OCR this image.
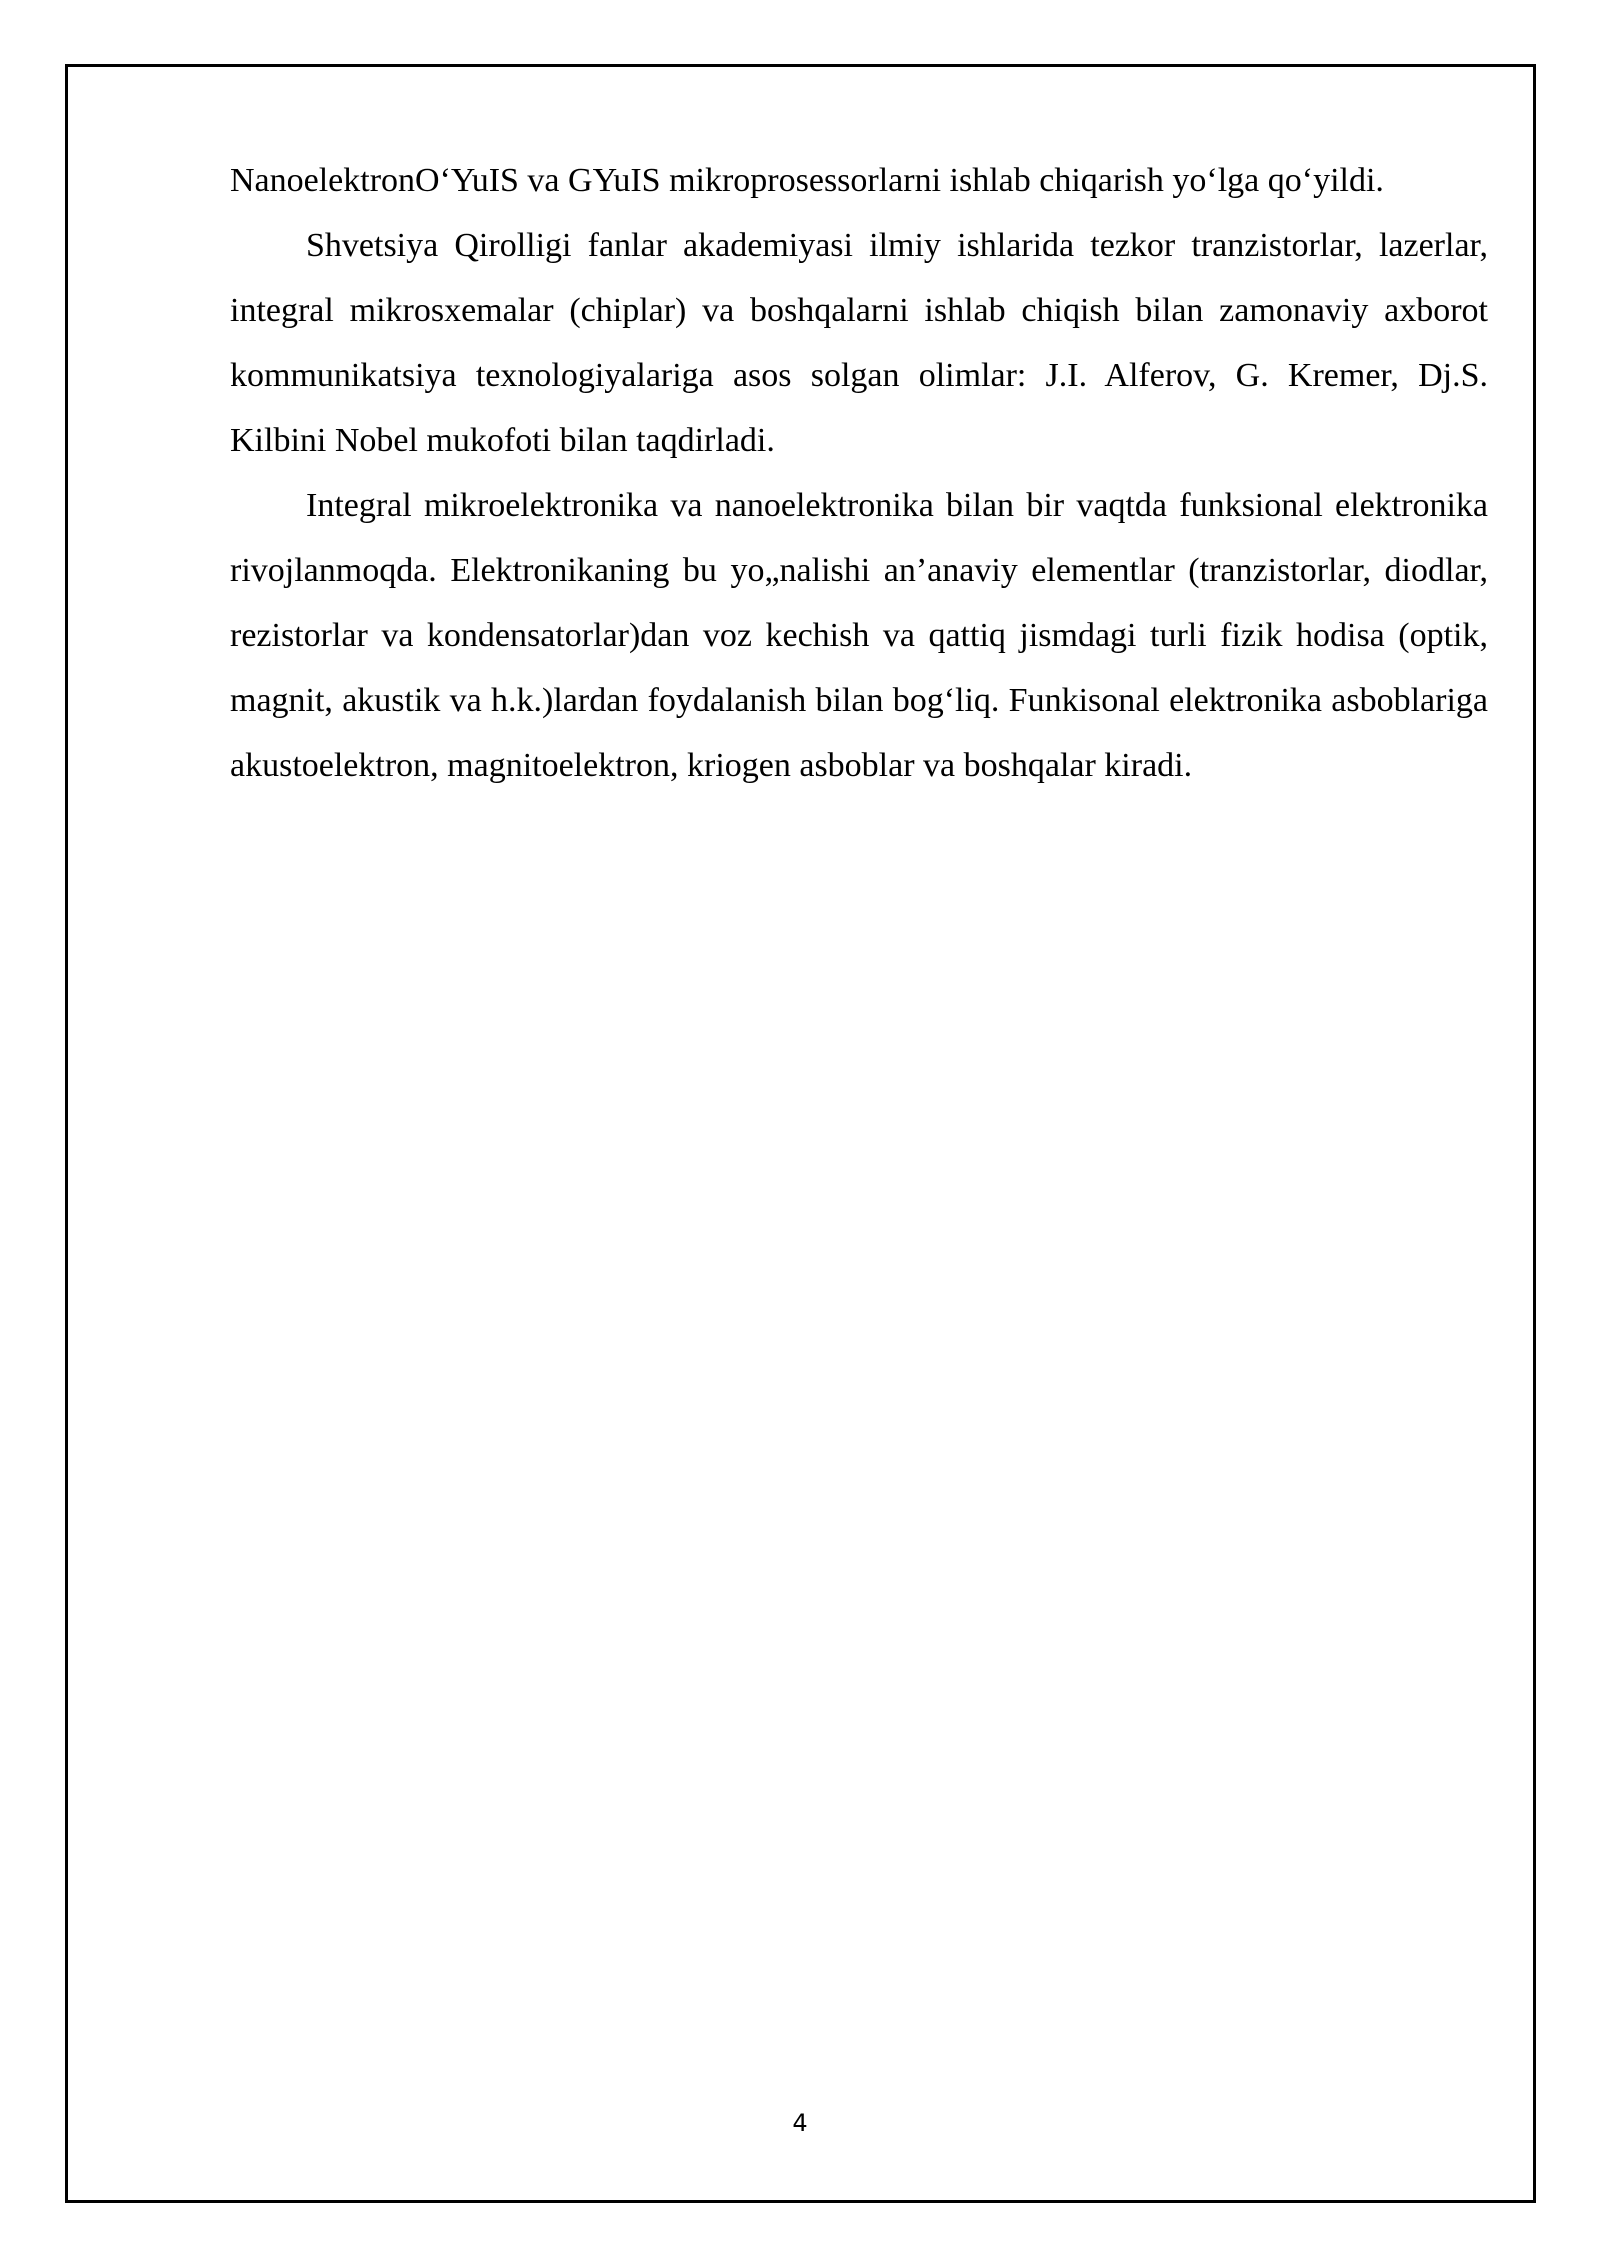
NanoelektronO‘YuIS va GYuIS mikroprosessorlarni ishlab chiqarish yo‘lga qo‘yildi.

Shvetsiya Qirolligi fanlar akademiyasi ilmiy ishlarida tezkor tranzistorlar, lazerlar, integral mikrosxemalar (chiplar) va boshqalarni ishlab chiqish bilan zamonaviy axborot kommunikatsiya texnologiyalariga asos solgan olimlar: J.I. Alferov, G. Kremer, Dj.S. Kilbini Nobel mukofoti bilan taqdirladi.

Integral mikroelektronika va nanoelektronika bilan bir vaqtda funksional elektronika rivojlanmoqda. Elektronikaning bu yo„nalishi an’anaviy elementlar (tranzistorlar, diodlar, rezistorlar va kondensatorlar)dan voz kechish va qattiq jismdagi turli fizik hodisa (optik, magnit, akustik va h.k.)lardan foydalanish bilan bog‘liq. Funkisonal elektronika asboblariga akustoelektron, magnitoelektron, kriogen asboblar va boshqalar kiradi.

4
